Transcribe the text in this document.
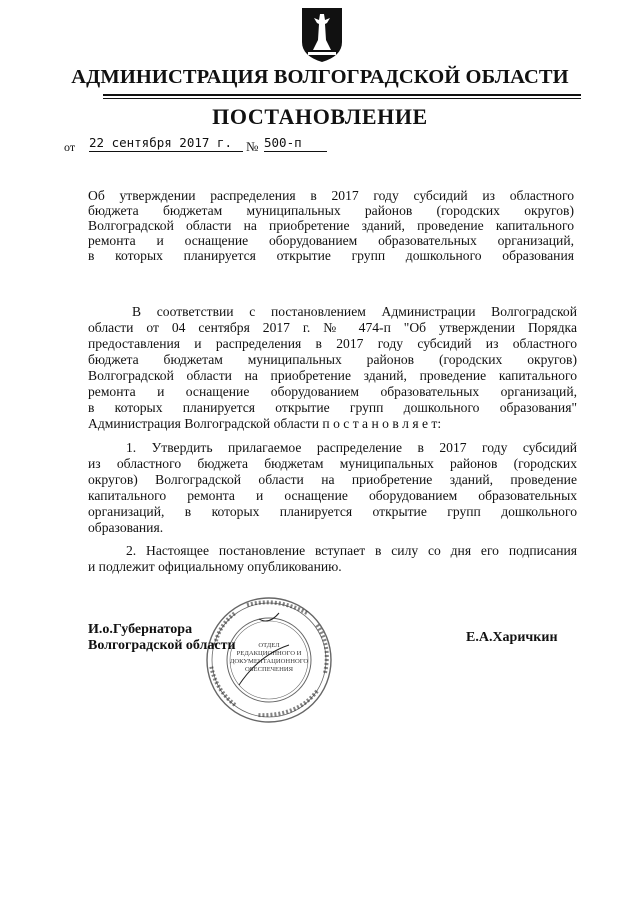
АДМИНИСТРАЦИЯ ВОЛГОГРАДСКОЙ ОБЛАСТИ
ПОСТАНОВЛЕНИЕ
от 22 сентября 2017 г.	№ 500-п
Об утверждении распределения в 2017 году субсидий из областного
бюджета бюджетам муниципальных районов (городских округов)
Волгоградской области на приобретение зданий, проведение капитального
ремонта и оснащение оборудованием образовательных организаций,
в которых планируется открытие групп дошкольного образования
В соответствии с постановлением Администрации Волгоградской
области от 04 сентября 2017 г. № 474-п "Об утверждении Порядка
предоставления и распределения в 2017 году субсидий из областного
бюджета бюджетам муниципальных районов (городских округов)
Волгоградской области на приобретение зданий, проведение капитального
ремонта и оснащение оборудованием образовательных организаций,
в которых планируется открытие групп дошкольного образования"
Администрация Волгоградской области п о с т а н о в л я е т:
1. Утвердить прилагаемое распределение в 2017 году субсидий
из областного бюджета бюджетам муниципальных районов (городских
округов) Волгоградской области на приобретение зданий, проведение
капитального ремонта и оснащение оборудованием образовательных
организаций, в которых планируется открытие групп дошкольного
образования.
2. Настоящее постановление вступает в силу со дня его подписания
и подлежит официальному опубликованию.
ОТДЕЛ
РЕДАКЦИОННОГО И
ДОКУМЕНТАЦИОННОГО
ОБЕСПЕЧЕНИЯ
И.о.Губернатора
Волгоградской области
Е.А.Харичкин
